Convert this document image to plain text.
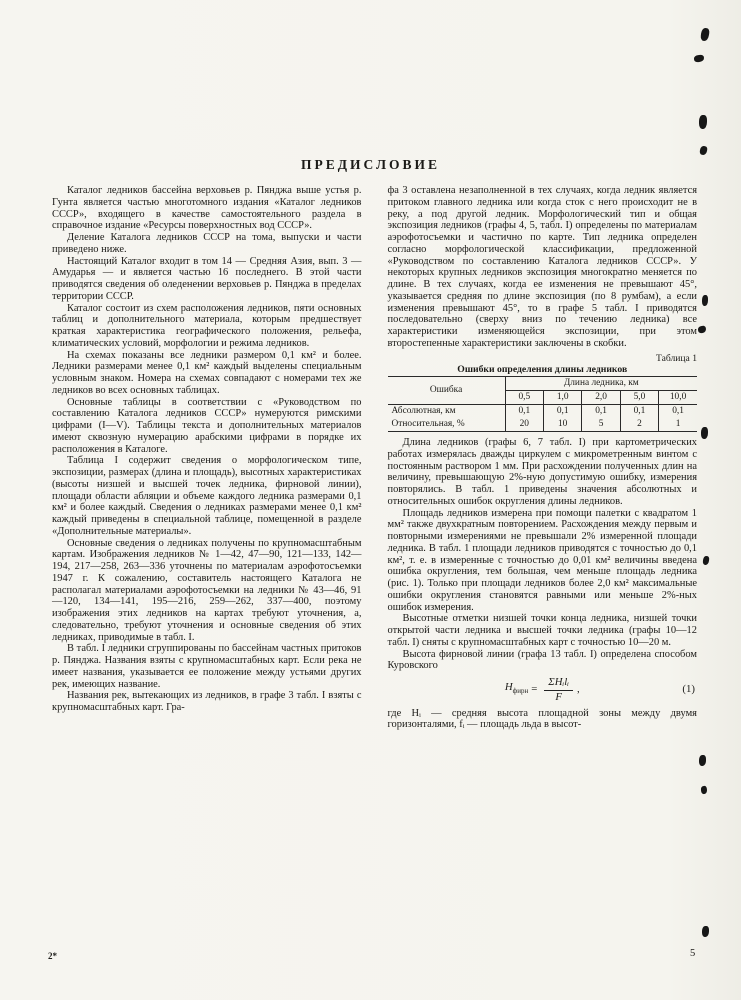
ПРЕДИСЛОВИЕ

Каталог ледников бассейна верховьев р. Пянджа выше устья р. Гунта является частью многотомного издания «Каталог ледников СССР», входящего в качестве самостоятельного раздела в справочное издание «Ресурсы поверхностных вод СССР».

Деление Каталога ледников СССР на тома, выпуски и части приведено ниже.

Настоящий Каталог входит в том 14 — Средняя Азия, вып. 3 — Амударья — и является частью 16 последнего. В этой части приводятся сведения об оледенении верховьев р. Пянджа в пределах территории СССР.

Каталог состоит из схем расположения ледников, пяти основных таблиц и дополнительного материала, которым предшествует краткая характеристика географического положения, рельефа, климатических условий, морфологии и режима ледников.

На схемах показаны все ледники размером 0,1 км² и более. Ледники размерами менее 0,1 км² каждый выделены специальным условным знаком. Номера на схемах совпадают с номерами тех же ледников во всех основных таблицах.

Основные таблицы в соответствии с «Руководством по составлению Каталога ледников СССР» нумеруются римскими цифрами (I—V). Таблицы текста и дополнительных материалов имеют сквозную нумерацию арабскими цифрами в порядке их расположения в Каталоге.

Таблица I содержит сведения о морфологическом типе, экспозиции, размерах (длина и площадь), высотных характеристиках (высоты низшей и высшей точек ледника, фирновой линии), площади области абляции и объеме каждого ледника размерами 0,1 км² и более каждый. Сведения о ледниках размерами менее 0,1 км² каждый приведены в специальной таблице, помещенной в разделе «Дополнительные материалы».

Основные сведения о ледниках получены по крупномасштабным картам. Изображения ледников № 1—42, 47—90, 121—133, 142—194, 217—258, 263—336 уточнены по материалам аэрофотосъемки 1947 г. К сожалению, составитель настоящего Каталога не располагал материалами аэрофотосъемки на ледники № 43—46, 91—120, 134—141, 195—216, 259—262, 337—400, поэтому изображения этих ледников на картах требуют уточнения, а, следовательно, требуют уточнения и основные сведения об этих ледниках, приводимые в табл. I.

В табл. I ледники сгруппированы по бассейнам частных притоков р. Пянджа. Названия взяты с крупномасштабных карт. Если река не имеет названия, указывается ее положение между устьями других рек, имеющих название.

Названия рек, вытекающих из ледников, в графе 3 табл. I взяты с крупномасштабных карт. Гра-

фа 3 оставлена незаполненной в тех случаях, когда ледник является притоком главного ледника или когда сток с него происходит не в реку, а под другой ледник. Морфологический тип и общая экспозиция ледников (графы 4, 5, табл. I) определены по материалам аэрофотосъемки и частично по карте. Тип ледника определен согласно морфологической классификации, предложенной «Руководством по составлению Каталога ледников СССР». У некоторых крупных ледников экспозиция многократно меняется по длине. В тех случаях, когда ее изменения не превышают 45°, указывается средняя по длине экспозиция (по 8 румбам), а если изменения превышают 45°, то в графе 5 табл. I приводятся последовательно (сверху вниз по течению ледника) все характеристики изменяющейся экспозиции, при этом второстепенные характеристики заключены в скобки.

Таблица 1

Ошибки определения длины ледников

Ошибка	Длина ледника, км				
	0,5	1,0	2,0	5,0	10,0
Абсолютная, км	0,1	0,1	0,1	0,1	0,1
Относительная, %	20	10	5	2	1

Длина ледников (графы 6, 7 табл. I) при картометрических работах измерялась дважды циркулем с микрометренным винтом с постоянным раствором 1 мм. При расхождении полученных длин на величину, превышающую 2%-ную допустимую ошибку, измерения повторялись. В табл. 1 приведены значения абсолютных и относительных ошибок округления длины ледников.

Площадь ледников измерена при помощи палетки с квадратом 1 мм² также двухкратным повторением. Расхождения между первым и повторными измерениями не превышали 2% измеренной площади ледника. В табл. 1 площади ледников приводятся с точностью до 0,1 км², т. е. в измеренные с точностью до 0,01 км² величины введена ошибка округления, тем большая, чем меньше площадь ледника (рис. 1). Только при площади ледников более 2,0 км² максимальные ошибки округления становятся равными или меньше 2%-ных ошибок измерения.

Высотные отметки низшей точки конца ледника, низшей точки открытой части ледника и высшей точки ледника (графы 10—12 табл. I) сняты с крупномасштабных карт с точностью 10—20 м.

Высота фирновой линии (графа 13 табл. I) определена способом Куровского

$Н_{фирн} = \frac{\text{ΣНᵢlᵢ}}{F}$ ,	(1)

где Нᵢ — средняя высота площадной зоны между двумя горизонталями, fᵢ — площадь льда в высот-

2*	5
